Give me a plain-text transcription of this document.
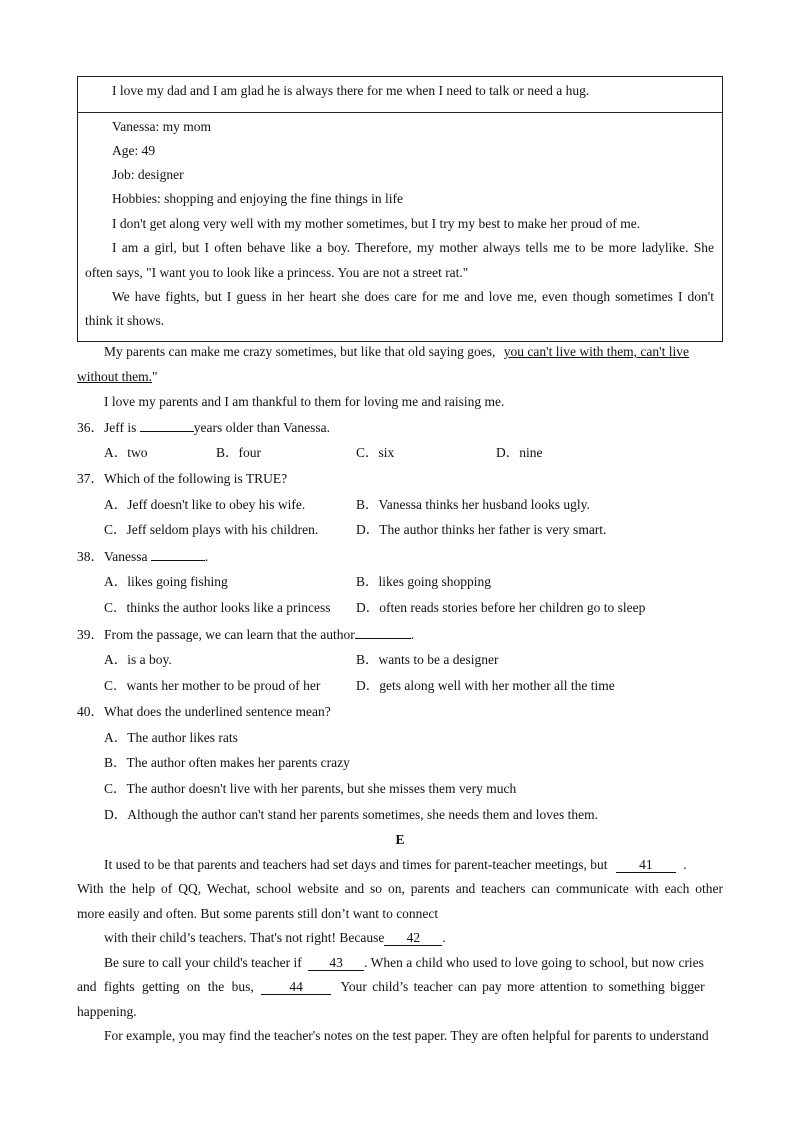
I love my dad and I am glad he is always there for me when I need to talk or need a hug.
Vanessa: my mom
Age: 49
Job: designer
Hobbies: shopping and enjoying the fine things in life
I don't get along very well with my mother sometimes, but I try my best to make her proud of me.
I am a girl, but I often behave like a boy. Therefore, my mother always tells me to be more ladylike. She
often says, "I want you to look like a princess. You are not a street rat."
We have fights, but I guess in her heart she does care for me and love me, even though sometimes I don't
think it shows.
My parents can make me crazy sometimes, but like that old saying goes, you can't live with them, can't live
without them."
I love my parents and I am thankful to them for loving me and raising me.
36．Jeff is	years older than Vanessa.
A．two	B．four	C．six	D．nine
37．Which of the following is TRUE?
A．Jeff doesn't like to obey his wife.	B．Vanessa thinks her husband looks ugly.
C．Jeff seldom plays with his children.	D．The author thinks her father is very smart.
38．Vanessa	.
A．likes going fishing	B．likes going shopping
C．thinks the author looks like a princess D．often reads stories before her children go to sleep
39．From the passage, we can learn that the author	.
A．is a boy.	B．wants to be a designer
C．wants her mother to be proud of her	D．gets along well with her mother all the time
40．What does the underlined sentence mean?
A．The author likes rats
B．The author often makes her parents crazy
C．The author doesn't live with her parents, but she misses them very much
D．Although the author can't stand her parents sometimes, she needs them and loves them.
E
It used to be that parents and teachers had set days and times for parent-teacher meetings, but 41 .
With the help of QQ, Wechat, school website and so on, parents and teachers can communicate with each other
more easily and often. But some parents still don’t want to connect
with their child’s teachers. That's not right! Because 42 .
Be sure to call your child's teacher if 43 . When a child who used to love going to school, but now cries
and fights getting on the bus,	44	Your child’s teacher can pay more attention to something bigger
happening.
For example, you may find the teacher's notes on the test paper. They are often helpful for parents to understand
